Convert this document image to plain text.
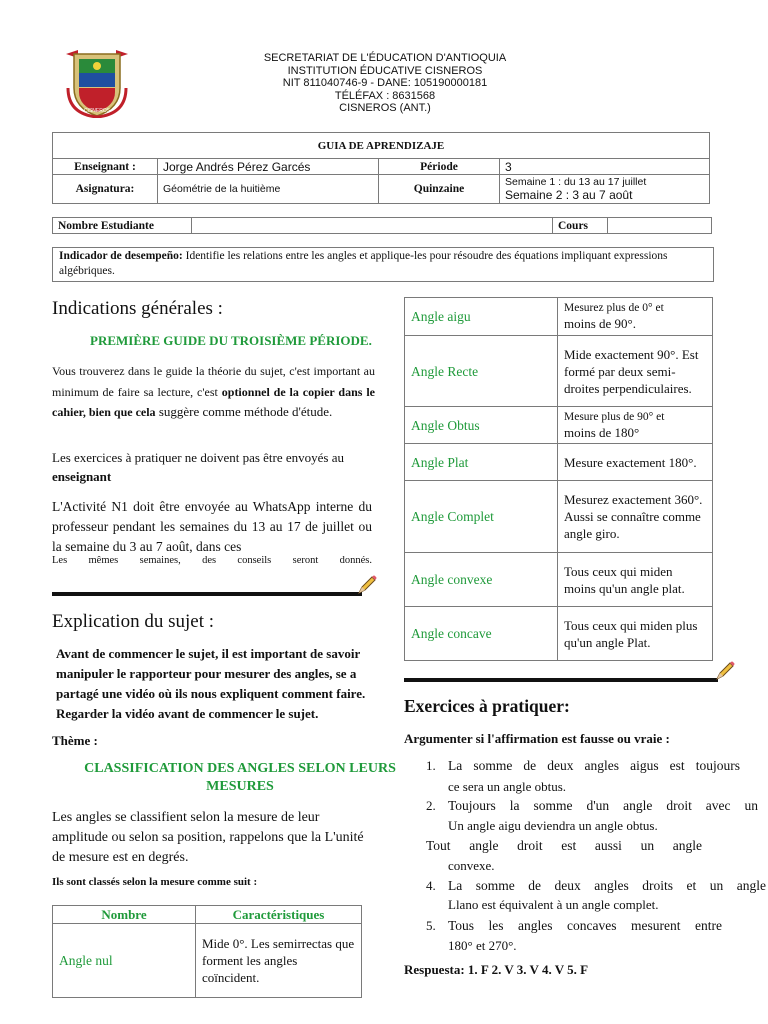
CISNEROS
SECRETARIAT DE L'ÉDUCATION D'ANTIOQUIA
INSTITUTION ÉDUCATIVE CISNEROS
NIT 811040746-9 - DANE: 105190000181
TÉLÉFAX : 8631568
CISNEROS (ANT.)
GUIA DE APRENDIZAJE			
Enseignant :	Jorge Andrés Pérez Garcés	Période	3
Asignatura:	Géométrie de la huitième	Quinzaine	Semaine 1 : du 13 au 17 juillet
Semaine 2 : 3 au 7 août
Nombre Estudiante		Cours	
Indicador de desempeño: Identifie les relations entre les angles et applique-les pour résoudre des équations impliquant expressions algébriques.
Indications générales :
PREMIÈRE GUIDE DU TROISIÈME PÉRIODE.
Vous trouverez dans le guide la théorie du sujet, c'est important au minimum de faire sa lecture, c'est optionnel de la copier dans le cahier, bien que cela suggère comme méthode d'étude.
Les exercices à pratiquer ne doivent pas être envoyés au enseignant
L'Activité N1 doit être envoyée au WhatsApp interne du professeur pendant les semaines du 13 au 17 de juillet ou la semaine du 3 au 7 août, dans ces
Les mêmes semaines, des conseils seront donnés.
Explication du sujet :
Avant de commencer le sujet, il est important de savoir manipuler le rapporteur pour mesurer des angles, se a partagé une vidéo où ils nous expliquent comment faire. Regarder la vidéo avant de commencer le sujet.
Thème :
CLASSIFICATION DES ANGLES SELON LEURS MESURES
Les angles se classifient selon la mesure de leur amplitude ou selon sa position, rappelons que la L'unité de mesure est en degrés.
Ils sont classés selon la mesure comme suit :
Nombre	Caractéristiques
Angle nul	Mide 0°. Les semirrectas que forment les angles coïncident.
Angle aigu	Mesurez plus de 0° et
moins de 90°.

Angle Recte	Mide exactement 90°. Est formé par deux semi-droites perpendiculaires.
Angle Obtus	Mesure plus de 90° et
moins de 180°

Angle Plat	Mesure exactement 180°.
Angle Complet	Mesurez exactement 360°. Aussi se connaître comme angle giro.
Angle convexe	Tous ceux qui miden moins qu'un angle plat.
Angle concave	Tous ceux qui miden plus qu'un angle Plat.
Exercices à pratiquer:
Argumenter si l'affirmation est fausse ou vraie :
1. La somme de deux angles aigus est toujours
ce sera un angle obtus.
2. Toujours la somme d'un angle droit avec un
Un angle aigu deviendra un angle obtus.
Tout angle droit est aussi un angle
convexe.
4. La somme de deux angles droits et un angle
Llano est équivalent à un angle complet.
5. Tous les angles concaves mesurent entre
180° et 270°.
Respuesta: 1. F 2. V 3. V 4. V 5. F
